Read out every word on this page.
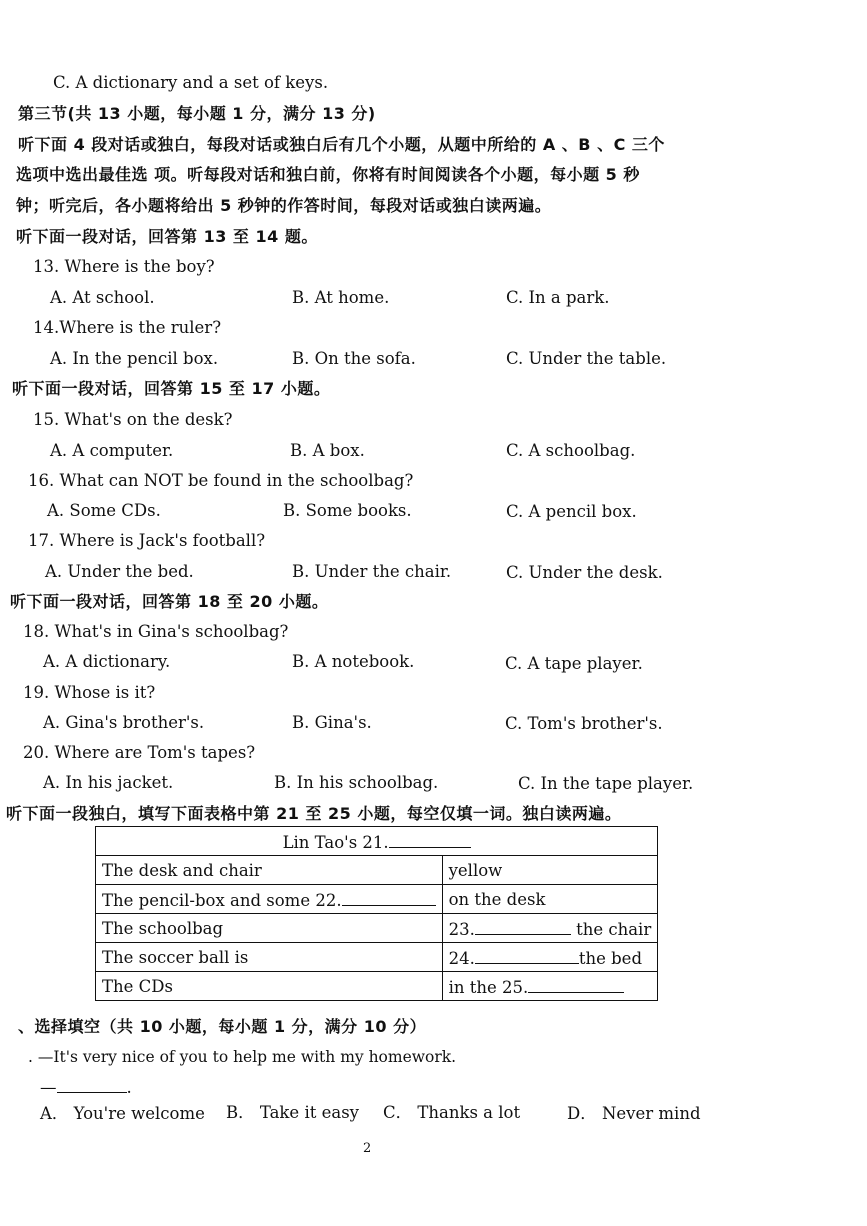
C. A dictionary and a set of keys.
第三节(共 13 小题，每小题 1 分，满分 13 分)
听下面 4 段对话或独白，每段对话或独白后有几个小题，从题中所给的 A 、B 、C 三个
选项中选出最佳选 项。听每段对话和独白前，你将有时间阅读各个小题，每小题 5 秒
钟；听完后，各小题将给出 5 秒钟的作答时间，每段对话或独白读两遍。
听下面一段对话，回答第 13 至 14 题。
13. Where is the boy?
A. At school.	B. At home.	C. In a park.
14.Where is the ruler?
A. In the pencil box.	B. On the sofa.	C. Under the table.
听下面一段对话，回答第 15 至 17 小题。
15. What's on the desk?
A. A computer.	B. A box.	C. A schoolbag.
16. What can NOT be found in the schoolbag?
A. Some CDs.	B. Some books.	C. A pencil box.
17. Where is Jack's football?
A. Under the bed.	B. Under the chair.	C. Under the desk.
听下面一段对话，回答第 18 至 20 小题。
18. What's in Gina's schoolbag?
A. A dictionary.	B. A notebook.	C. A tape player.
19. Whose is it?
A. Gina's brother's.	B. Gina's.	C. Tom's brother's.
20. Where are Tom's tapes?
A. In his jacket.	B. In his schoolbag.	C. In the tape player.
听下面一段独白，填写下面表格中第 21 至 25 小题，每空仅填一词。独白读两遍。
Lin Tao's 21.	
The desk and chair	yellow
The pencil-box and some 22.	on the desk
The schoolbag	23. the chair
The soccer ball is	24. the bed
The CDs	in the 25.
、选择填空（共 10 小题，每小题 1 分，满分 10 分）
. —It's very nice of you to help me with my homework.
—	.
A． You're welcome B． Take it easy C． Thanks a lot	D． Never mind
2
